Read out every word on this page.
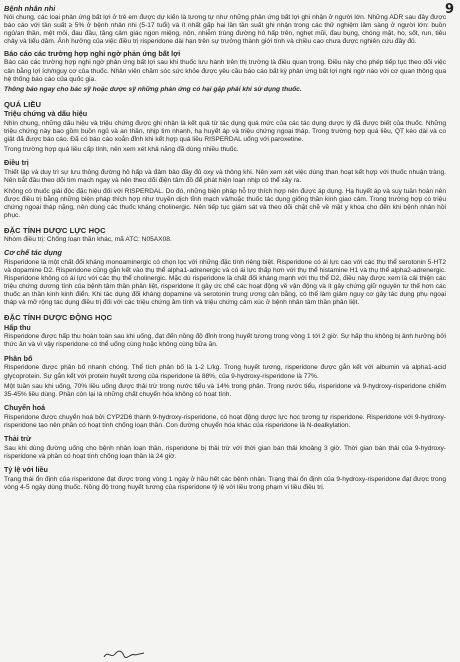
9
Bệnh nhân nhi

Nói chung, các loại phản ứng bất lợi ở trẻ em được dự kiến là tương tự như những phản ứng bất lợi ghi nhận ở người lớn. Những ADR sau đây được báo cáo với tần suất ≥ 5% ở bệnh nhân nhi (5-17 tuổi) và ít nhất gấp hai lần tần suất ghi nhận trong các thử nghiệm lâm sàng ở người lớn: buồn ngủ/an thần, mệt mỏi, đau đầu, tăng cảm giác ngon miệng, nôn, nhiễm trùng đường hô hấp trên, nghẹt mũi, đau bụng, chóng mặt, ho, sốt, run, tiêu chảy và tiểu dầm. Ảnh hưởng của việc điều trị risperidone dài hạn trên sự trưởng thành giới tính và chiều cao chưa được nghiên cứu đầy đủ.

Báo cáo các trường hợp nghi ngờ phản ứng bất lợi

Báo cáo các trường hợp nghi ngờ phản ứng bất lợi sau khi thuốc lưu hành trên thị trường là điều quan trọng. Điều này cho phép tiếp tục theo dõi việc cân bằng lợi ích/nguy cơ của thuốc. Nhân viên chăm sóc sức khỏe được yêu cầu báo cáo bất kỳ phản ứng bất lợi nghi ngờ nào với cơ quan thông qua hệ thống báo cáo của quốc gia.

Thông báo ngay cho bác sỹ hoặc dược sỹ những phản ứng có hại gặp phải khi sử dụng thuốc.
QUÁ LIỀU
Triệu chứng và dấu hiệu

Nhìn chung, những dấu hiệu và triệu chứng được ghi nhận là kết quả từ tác dụng quá mức của các tác dụng dược lý đã được biết của thuốc. Những triệu chứng này bao gồm buồn ngủ và an thần, nhịp tim nhanh, hạ huyết áp và triệu chứng ngoại tháp. Trong trường hợp quá liều, QT kéo dài và co giật đã được báo cáo. Đã có báo cáo xoắn đỉnh khi kết hợp quá liều RISPERDAL uống với paroxetine.

Trong trường hợp quá liều cấp tính, nên xem xét khả năng đã dùng nhiều thuốc.

Điều trị

Thiết lập và duy trì sự lưu thông đường hô hấp và đảm bảo đầy đủ oxy và thông khí. Nên xem xét việc dùng than hoạt kết hợp với thuốc nhuận tràng. Nên bắt đầu theo dõi tim mạch ngay và nên theo dõi điện tâm đồ để phát hiện loạn nhịp có thể xảy ra.

Không có thuốc giải độc đặc hiệu đối với RISPERDAL. Do đó, những biện pháp hỗ trợ thích hợp nên được áp dụng. Hạ huyết áp và suy tuần hoàn nên được điều trị bằng những biện pháp thích hợp như truyền dịch tĩnh mạch và/hoặc thuốc tác dụng giống thần kinh giao cảm. Trong trường hợp có triệu chứng ngoại tháp nặng, nên dùng các thuốc kháng cholinergic. Nên tiếp tục giám sát và theo dõi chặt chẽ về mặt y khoa cho đến khi bệnh nhân hồi phục.

ĐẶC TÍNH DƯỢC LỰC HỌC

Nhóm điều trị: Chống loạn thần khác, mã ATC: N05AX08.

Cơ chế tác dụng

Risperidone là một chất đối kháng monoaminergic có chọn lọc với những đặc tính riêng biệt. Risperidone có ái lực cao với các thụ thể serotonin 5-HT2 và dopamine D2. Risperidone cũng gắn kết vào thụ thể alpha1-adrenergic và có ái lực thấp hơn với thụ thể histamine H1 và thụ thể alpha2-adrenergic. Risperidone không có ái lực với các thụ thể cholinergic. Mặc dù risperidone là chất đối kháng mạnh với thụ thể D2, điều này được xem là cải thiện các triệu chứng dương tính của bệnh tâm thần phân liệt, risperidone ít gây ức chế các hoạt động về vận động và ít gây chứng giữ nguyên tư thế hơn các thuốc an thần kinh kinh điển. Khi tác dụng đối kháng dopamine và serotonin trung ương cân bằng, có thể làm giảm nguy cơ gây tác dụng phụ ngoại tháp và mở rộng tác dụng điều trị đối với các triệu chứng âm tính và triệu chứng cảm xúc ở bệnh nhân tâm thần phân liệt.

ĐẶC TÍNH DƯỢC ĐỘNG HỌC
Hấp thu

Risperidone được hấp thu hoàn toàn sau khi uống, đạt đến nồng độ đỉnh trong huyết tương trong vòng 1 tới 2 giờ. Sự hấp thu không bị ảnh hưởng bởi thức ăn và vì vậy risperidone có thể uống cùng hoặc không cùng bữa ăn.

Phân bố

Risperidone được phân bố nhanh chóng. Thể tích phân bố là 1-2 L/kg. Trong huyết tương, risperidone được gắn kết với albumin và alpha1-acid glycoprotein. Sự gắn kết với protein huyết tương của risperidone là 88%, của 9-hydroxy-risperidone là 77%.

Một tuần sau khi uống, 70% liều uống được thải trừ trong nước tiểu và 14% trong phân. Trong nước tiểu, risperidone và 9-hydroxy-risperidone chiếm 35-45% liều dùng. Phần còn lại là những chất chuyển hóa không có hoạt tính.

Chuyển hoá

Risperidone được chuyển hoá bởi CYP2D6 thành 9-hydroxy-risperidone, có hoạt động dược lực học tương tự risperidone. Risperidone với 9-hydroxy-risperidone tạo nên phần có hoạt tính chống loạn thần. Con đường chuyển hóa khác của risperidone là N-dealkylation.

Thải trừ

Sau khi dùng đường uống cho bệnh nhân loạn thần, risperidone bị thải trừ với thời gian bán thải khoảng 3 giờ. Thời gian bán thải của 9-hydroxy-risperidone và phần có hoạt tính chống loạn thần là 24 giờ.

Tỷ lệ với liều

Trạng thái ổn định của risperidone đạt được trong vòng 1 ngày ở hầu hết các bệnh nhân. Trạng thái ổn định của 9-hydroxy-risperidone đạt được trong vòng 4-5 ngày dùng thuốc. Nồng độ trong huyết tương của risperidone tỷ lệ với liều trong phạm vi liều điều trị.
